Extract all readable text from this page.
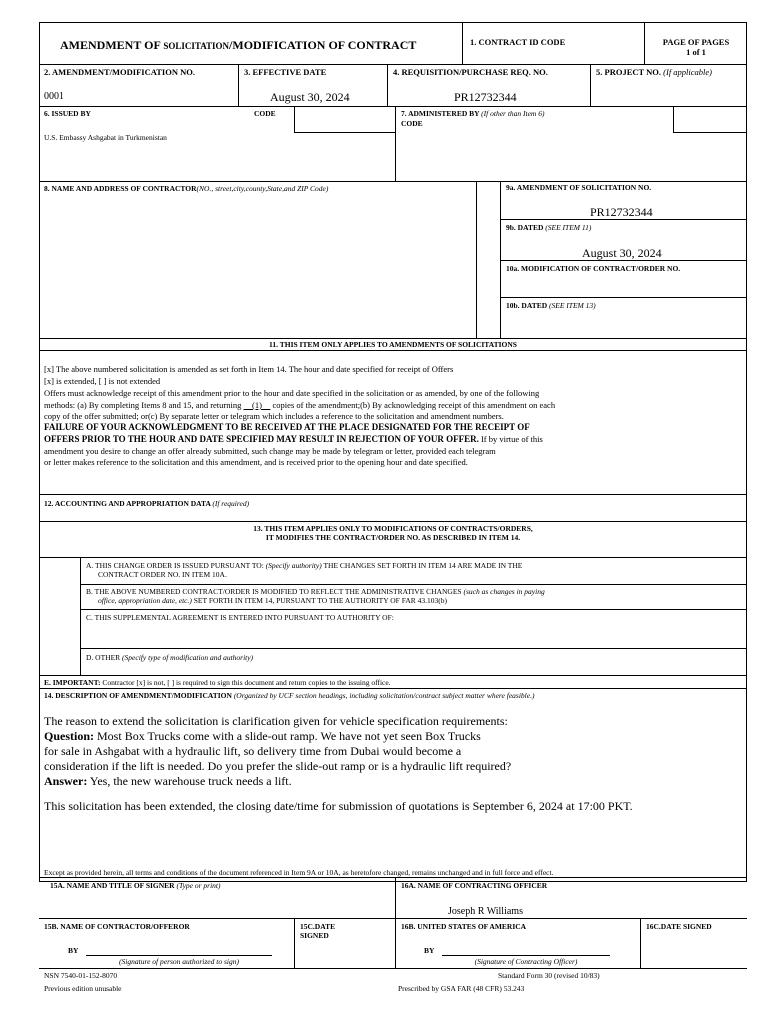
AMENDMENT OF SOLICITATION/MODIFICATION OF CONTRACT	1. CONTRACT ID CODE	PAGE OF PAGES
1 of 1
2. AMENDMENT/MODIFICATION NO.
0001
3. EFFECTIVE DATE
August 30, 2024
4. REQUISITION/PURCHASE REQ. NO.
PR12732344
5. PROJECT NO. (If applicable)
6. ISSUED BY	CODE
U.S. Embassy Ashgabat in Turkmenistan
7. ADMINISTERED BY (If other than Item 6)
CODE
8. NAME AND ADDRESS OF CONTRACTOR(NO., street,city,county,State,and ZIP Code)	9a. AMENDMENT OF SOLICITATION NO.
PR12732344
9b. DATED (SEE ITEM 11)
August 30, 2024
10a. MODIFICATION OF CONTRACT/ORDER NO.
10b. DATED (SEE ITEM 13)
11. THIS ITEM ONLY APPLIES TO AMENDMENTS OF SOLICITATIONS
[x] The above numbered solicitation is amended as set forth in Item 14. The hour and date specified for receipt of Offers
[x] is extended, [ ] is not extended
Offers must acknowledge receipt of this amendment prior to the hour and date specified in the solicitation or as amended, by one of the following
methods: (a) By completing Items 8 and 15, and returning     (1)     copies of the amendment;(b) By acknowledging receipt of this amendment on each
copy of the offer submitted; or(c) By separate letter or telegram which includes a reference to the solicitation and amendment numbers.
FAILURE OF YOUR ACKNOWLEDGMENT TO BE RECEIVED AT THE PLACE DESIGNATED FOR THE RECEIPT OF
OFFERS PRIOR TO THE HOUR AND DATE SPECIFIED MAY RESULT IN REJECTION OF YOUR OFFER. If by virtue of this
amendment you desire to change an offer already submitted, such change may be made by telegram or letter, provided each telegram
or letter makes reference to the solicitation and this amendment, and is received prior to the opening hour and date specified.
12. ACCOUNTING AND APPROPRIATION DATA (If required)
13. THIS ITEM APPLIES ONLY TO MODIFICATIONS OF CONTRACTS/ORDERS,
IT MODIFIES THE CONTRACT/ORDER NO. AS DESCRIBED IN ITEM 14.
A. THIS CHANGE ORDER IS ISSUED PURSUANT TO: (Specify authority) THE CHANGES SET FORTH IN ITEM 14 ARE MADE IN THE
CONTRACT ORDER NO. IN ITEM 10A.
B. THE ABOVE NUMBERED CONTRACT/ORDER IS MODIFIED TO REFLECT THE ADMINISTRATIVE CHANGES (such as changes in paying
office, appropriation date, etc.) SET FORTH IN ITEM 14, PURSUANT TO THE AUTHORITY OF FAR 43.103(b)
C. THIS SUPPLEMENTAL AGREEMENT IS ENTERED INTO PURSUANT TO AUTHORITY OF:
D. OTHER (Specify type of modification and authority)
E. IMPORTANT: Contractor [x] is not, [ ] is required to sign this document and return copies to the issuing office.
14. DESCRIPTION OF AMENDMENT/MODIFICATION (Organized by UCF section headings, including solicitation/contract subject matter where feasible.)
The reason to extend the solicitation is clarification given for vehicle specification requirements:
Question: Most Box Trucks come with a slide-out ramp. We have not yet seen Box Trucks
for sale in Ashgabat with a hydraulic lift, so delivery time from Dubai would become a
consideration if the lift is needed. Do you prefer the slide-out ramp or is a hydraulic lift required?
Answer: Yes, the new warehouse truck needs a lift.
This solicitation has been extended, the closing date/time for submission of quotations is September 6, 2024 at 17:00 PKT.
Except as provided herein, all terms and conditions of the document referenced in Item 9A or 10A, as heretofore changed, remains unchanged and in full force and effect.
15A. NAME AND TITLE OF SIGNER (Type or print)	16A. NAME OF CONTRACTING OFFICER
Joseph R Williams
15B. NAME OF CONTRACTOR/OFFEROR	15C.DATE
SIGNED
16B. UNITED STATES OF AMERICA	16C.DATE SIGNED
BY
(Signature of person authorized to sign)
BY
(Signature of Contracting Officer)
NSN 7540-01-152-8070
Previous edition unusable
Standard Form 30 (revised 10/83)
Prescribed by GSA FAR (48 CFR) 53.243
